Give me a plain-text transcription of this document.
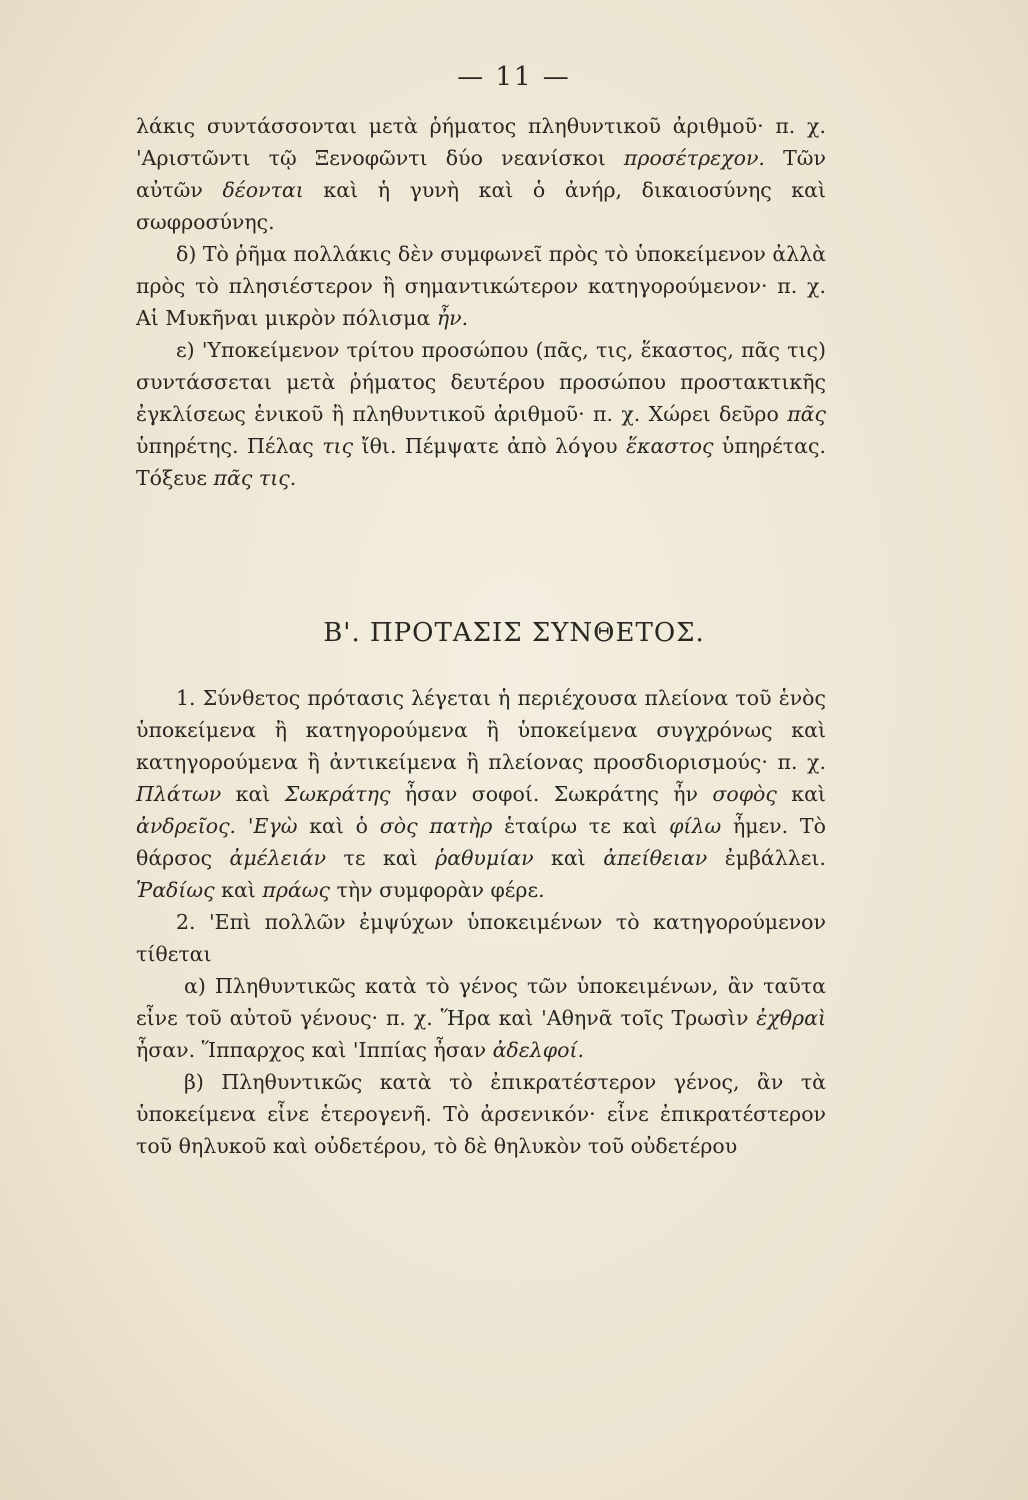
— 11 —

λάκις συντάσσονται μετὰ ῥήματος πληθυντικοῦ ἀριθμοῦ· π. χ. 'Αριστῶντι τῷ Ξενοφῶντι δύο νεανίσκοι προσέτρεχον. Τῶν αὐτῶν δέονται καὶ ἡ γυνὴ καὶ ὁ ἀνήρ, δικαιοσύνης καὶ σωφροσύνης.

δ) Τὸ ῥῆμα πολλάκις δὲν συμφωνεῖ πρὸς τὸ ὑποκείμενον ἀλλὰ πρὸς τὸ πλησιέστερον ἢ σημαντικώτερον κατηγορούμενον· π. χ. Αἱ Μυκῆναι μικρὸν πόλισμα ἦν.

ε) 'Υποκείμενον τρίτου προσώπου (πᾶς, τις, ἕκαστος, πᾶς τις) συντάσσεται μετὰ ῥήματος δευτέρου προσώπου προστακτικῆς ἐγκλίσεως ἑνικοῦ ἢ πληθυντικοῦ ἀριθμοῦ· π. χ. Χώρει δεῦρο πᾶς ὑπηρέτης. Πέλας τις ἴθι. Πέμψατε ἀπὸ λόγου ἕκαστος ὑπηρέτας. Τόξευε πᾶς τις.

Β'. ΠΡΟΤΑΣΙΣ ΣΥΝΘΕΤΟΣ.

1. Σύνθετος πρότασις λέγεται ἡ περιέχουσα πλείονα τοῦ ἑνὸς ὑποκείμενα ἢ κατηγορούμενα ἢ ὑποκείμενα συγχρόνως καὶ κατηγορούμενα ἢ ἀντικείμενα ἢ πλείονας προσδιορισμούς· π. χ. Πλάτων καὶ Σωκράτης ἦσαν σοφοί. Σωκράτης ἦν σοφὸς καὶ ἀνδρεῖος. 'Εγὼ καὶ ὁ σὸς πατὴρ ἑταίρω τε καὶ φίλω ἦμεν. Τὸ θάρσος ἀμέλειάν τε καὶ ῥαθυμίαν καὶ ἀπείθειαν ἐμβάλλει. Ῥαδίως καὶ πράως τὴν συμφορὰν φέρε.

2. 'Επὶ πολλῶν ἐμψύχων ὑποκειμένων τὸ κατηγορούμενον τίθεται

α) Πληθυντικῶς κατὰ τὸ γένος τῶν ὑποκειμένων, ἂν ταῦτα εἶνε τοῦ αὐτοῦ γένους· π. χ. Ἥρα καὶ 'Αθηνᾶ τοῖς Τρωσὶν ἐχθραὶ ἦσαν. Ἵππαρχος καὶ 'Ιππίας ἦσαν ἀδελφοί.

β) Πληθυντικῶς κατὰ τὸ ἐπικρατέστερον γένος, ἂν τὰ ὑποκείμενα εἶνε ἑτερογενῆ. Τὸ ἀρσενικόν· εἶνε ἐπικρατέστερον τοῦ θηλυκοῦ καὶ οὐδετέρου, τὸ δὲ θηλυκὸν τοῦ οὐδετέρου
